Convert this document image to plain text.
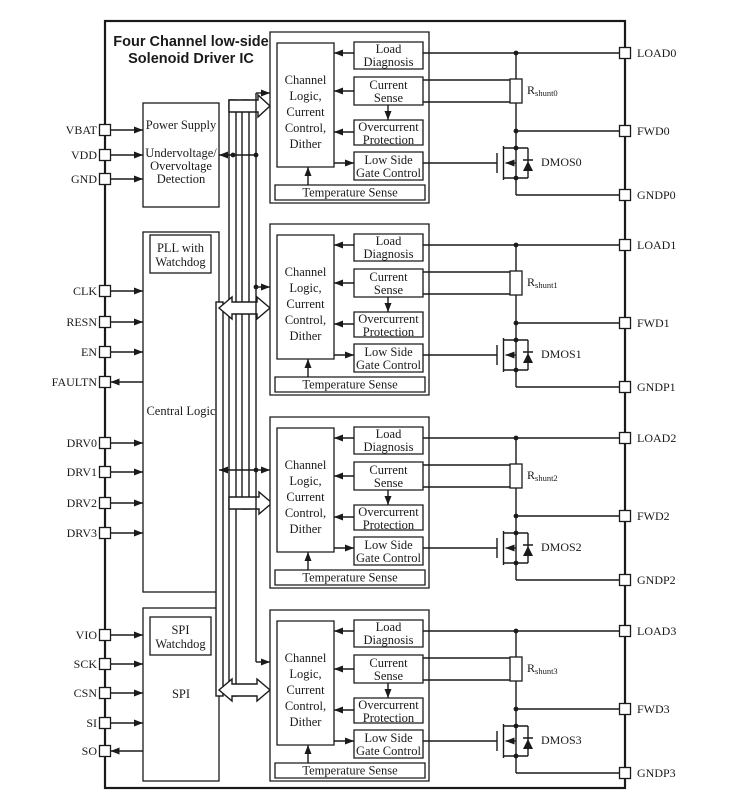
Four Channel low-side
Solenoid Driver IC
Power Supply
Undervoltage/
Overvoltage
Detection
PLL with
Watchdog
Central Logic
SPI
Watchdog
SPI
VBAT
VDD
GND
CLK
RESN
EN
FAULTN
DRV0
DRV1
DRV2
DRV3
VIO
SCK
CSN
SI
SO
Channel
Logic,
Current
Control,
Dither
Load
Diagnosis
Current
Sense
Overcurrent
Protection
Low Side
Gate Control
Temperature Sense
$R_{shunt0}$
DMOS0
LOAD0
FWD0
GNDP0
Channel
Logic,
Current
Control,
Dither
Load
Diagnosis
Current
Sense
Overcurrent
Protection
Low Side
Gate Control
Temperature Sense
$R_{shunt1}$
DMOS1
LOAD1
FWD1
GNDP1
Channel
Logic,
Current
Control,
Dither
Load
Diagnosis
Current
Sense
Overcurrent
Protection
Low Side
Gate Control
Temperature Sense
$R_{shunt2}$
DMOS2
LOAD2
FWD2
GNDP2
Channel
Logic,
Current
Control,
Dither
Load
Diagnosis
Current
Sense
Overcurrent
Protection
Low Side
Gate Control
Temperature Sense
$R_{shunt3}$
DMOS3
LOAD3
FWD3
GNDP3
